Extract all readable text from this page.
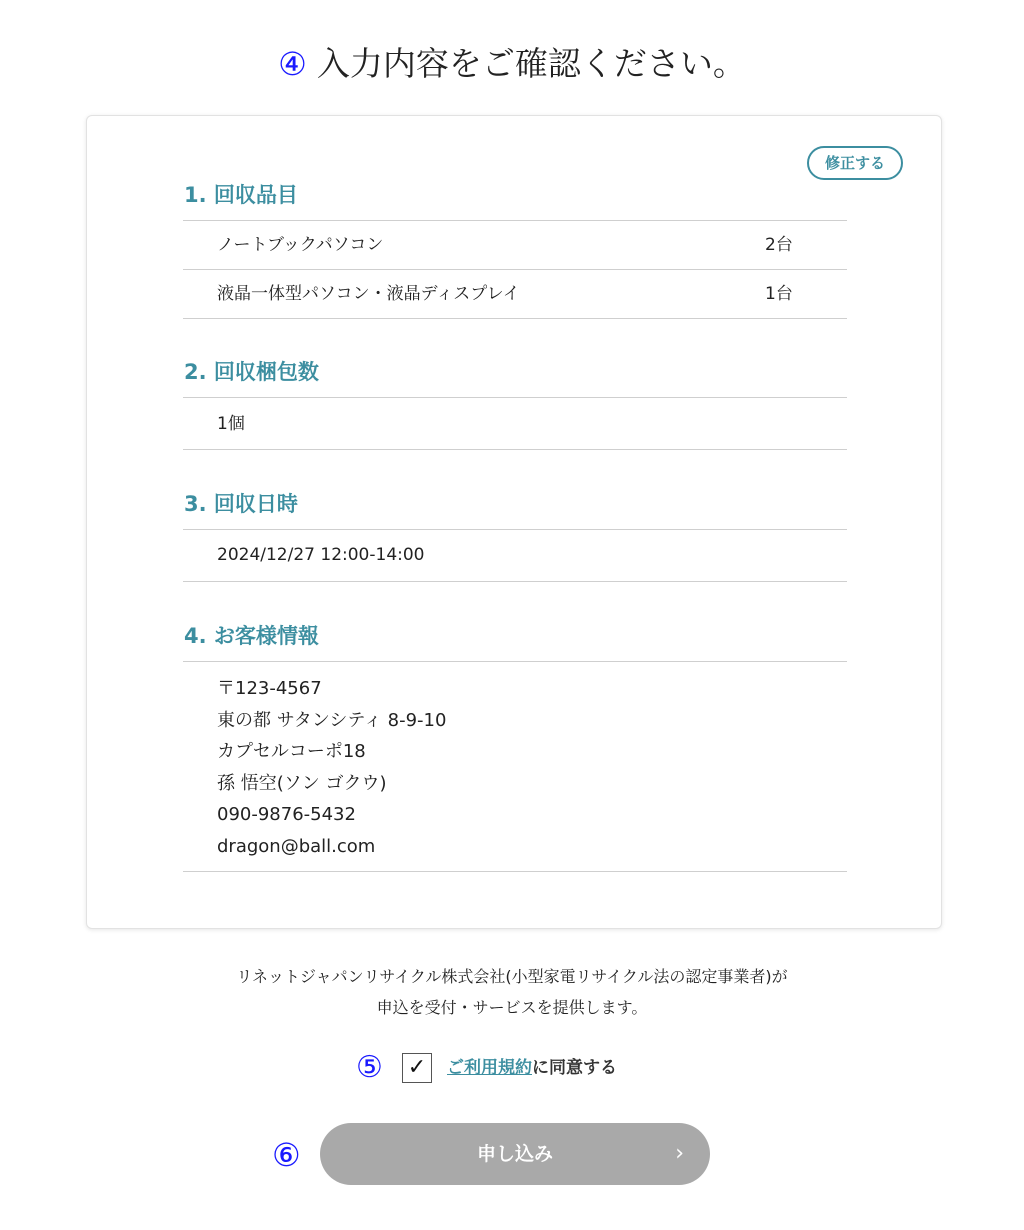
④ 入力内容をご確認ください。
修正する
1. 回収品目
ノートブックパソコン	2台
液晶一体型パソコン・液晶ディスプレイ	1台
2. 回収梱包数
1個
3. 回収日時
2024/12/27 12:00-14:00
4. お客様情報
〒123-4567
東の都 サタンシティ 8-9-10
カプセルコーポ18
孫 悟空(ソン ゴクウ)
090-9876-5432
dragon@ball.com
リネットジャパンリサイクル株式会社(小型家電リサイクル法の認定事業者)が
申込を受付・サービスを提供します。
⑤ ✓	ご利用規約に同意する
⑥	申し込み	›
